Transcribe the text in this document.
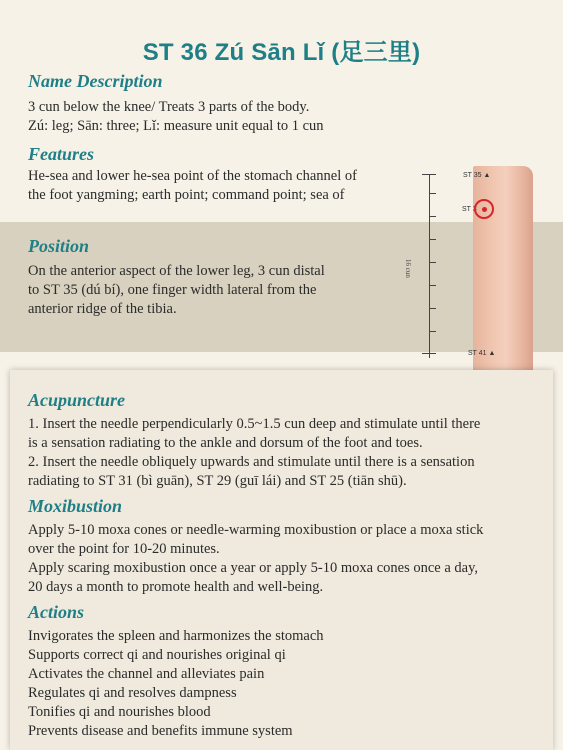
ST 36 Zú Sān Lǐ (足三里)
Name Description
3 cun below the knee/ Treats 3 parts of the body.
Zú: leg; Sān: three; Lǐ: measure unit equal to 1 cun
Features
He-sea and lower he-sea point of the stomach channel of
the foot yangming; earth point; command point; sea of
Position
On the anterior aspect of the lower leg, 3 cun distal
to ST 35 (dú bí), one finger width lateral from the
anterior ridge of the tibia.
16 cun
ST 35 ▲
ST 3
ST 41 ▲
Acupuncture
1. Insert the needle perpendicularly 0.5~1.5 cun deep and stimulate until there
is a sensation radiating to the ankle and dorsum of the foot and toes.
2. Insert the needle obliquely upwards and stimulate until there is a sensation
radiating to ST 31 (bì guān), ST 29 (guī lái) and ST 25 (tiān shū).
Moxibustion
Apply 5-10 moxa cones or needle-warming moxibustion or place a moxa stick
over the point for 10-20 minutes.
Apply scaring moxibustion once a year or apply 5-10 moxa cones once a day,
20 days a month to promote health and well-being.
Actions
Invigorates the spleen and harmonizes the stomach
Supports correct qi and nourishes original qi
Activates the channel and alleviates pain
Regulates qi and resolves dampness
Tonifies qi and nourishes blood
Prevents disease and benefits immune system
